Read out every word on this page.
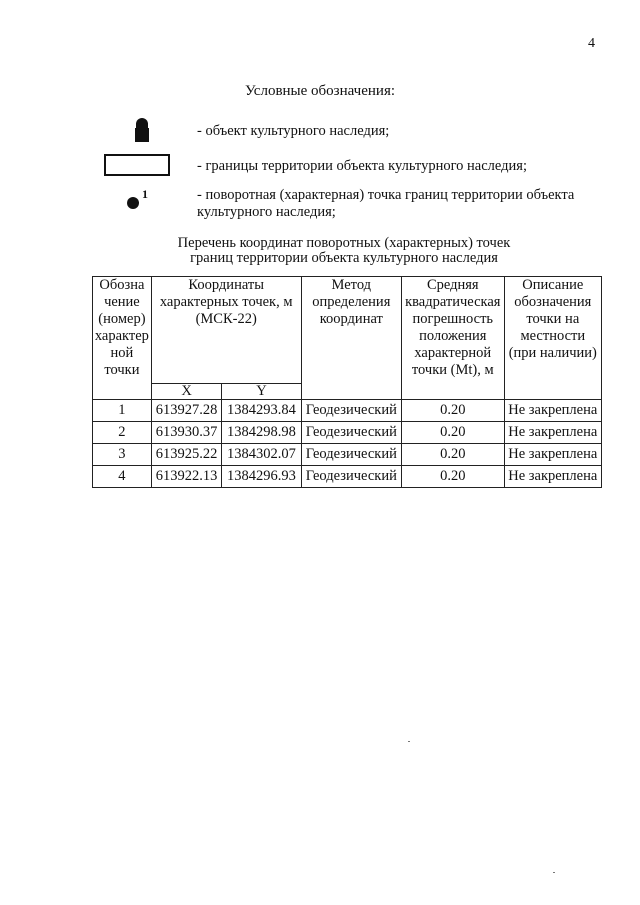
4
Условные обозначения:
- объект культурного наследия;
- границы территории объекта культурного наследия;
1	- поворотная (характерная) точка границ территории объекта культурного наследия;
Перечень координат поворотных (характерных) точек
границ территории объекта культурного наследия
Обозна чение (номер) характер ной точки	Координаты характерных точек, м (МСК-22)		Метод определения координат	Средняя квадратическая погрешность положения характерной точки (Mt), м	Описание обозначения точки на местности (при наличии)
	X	Y			
1	613927.28	1384293.84	Геодезический	0.20	Не закреплена
2	613930.37	1384298.98	Геодезический	0.20	Не закреплена
3	613925.22	1384302.07	Геодезический	0.20	Не закреплена
4	613922.13	1384296.93	Геодезический	0.20	Не закреплена
